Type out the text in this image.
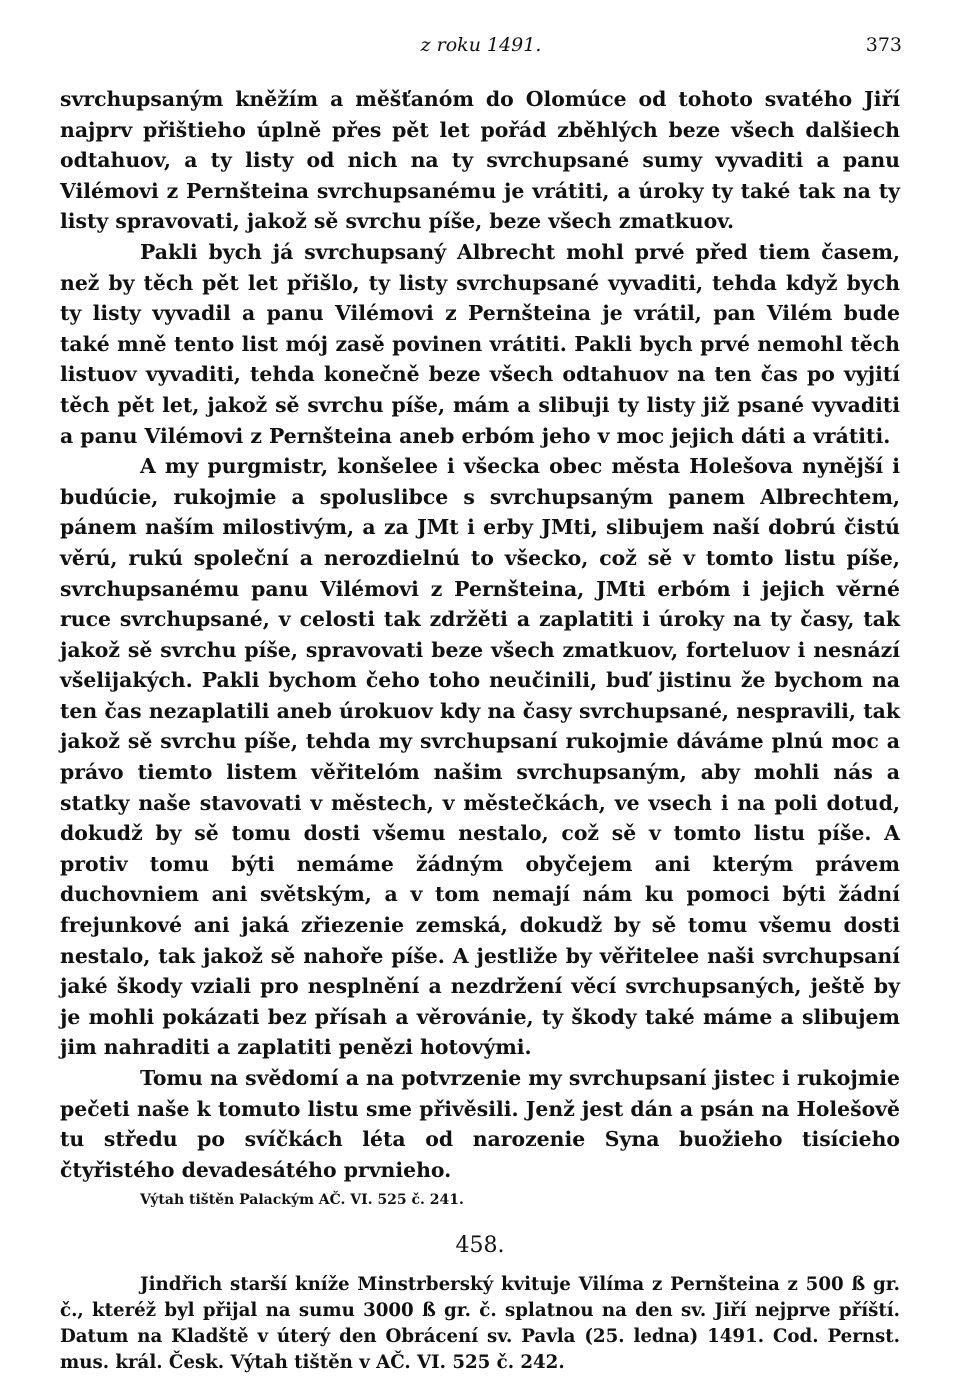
z roku 1491.	373

svrchupsaným kněžím a měšťanóm do Olomúce od tohoto svatého Jiří najprv přištieho úplně přes pět let pořád zběhlých beze všech dalšiech odtahuov, a ty listy od nich na ty svrchupsané sumy vyvaditi a panu Vilémovi z Pernšteina svrchupsanému je vrátiti, a úroky ty také tak na ty listy spravovati, jakož sě svrchu píše, beze všech zmatkuov.

Pakli bych já svrchupsaný Albrecht mohl prvé před tiem časem, než by těch pět let přišlo, ty listy svrchupsané vyvaditi, tehda když bych ty listy vyvadil a panu Vilémovi z Pernšteina je vrátil, pan Vilém bude také mně tento list mój zasě povinen vrátiti. Pakli bych prvé nemohl těch listuov vyvaditi, tehda konečně beze všech odtahuov na ten čas po vyjití těch pět let, jakož sě svrchu píše, mám a slibuji ty listy již psané vyvaditi a panu Vilémovi z Pernšteina aneb erbóm jeho v moc jejich dáti a vrátiti.

A my purgmistr, konšelee i všecka obec města Holešova nynější i budúcie, rukojmie a spoluslibce s svrchupsaným panem Albrechtem, pánem naším milostivým, a za JMt i erby JMti, slibujem naší dobrú čistú věrú, rukú společní a nerozdielnú to všecko, což sě v tomto listu píše, svrchupsanému panu Vilémovi z Pernšteina, JMti erbóm i jejich věrné ruce svrchupsané, v celosti tak zdržěti a zaplatiti i úroky na ty časy, tak jakož sě svrchu píše, spravovati beze všech zmatkuov, forteluov i nesnází všelijakých. Pakli bychom čeho toho neučinili, buď jistinu že bychom na ten čas nezaplatili aneb úrokuov kdy na časy svrchupsané, nespravili, tak jakož sě svrchu píše, tehda my svrchupsaní rukojmie dáváme plnú moc a právo tiemto listem věřitelóm našim svrchupsaným, aby mohli nás a statky naše stavovati v městech, v městečkách, ve vsech i na poli dotud, dokudž by sě tomu dosti všemu nestalo, což sě v tomto listu píše. A protiv tomu býti nemáme žádným obyčejem ani kterým právem duchovniem ani světským, a v tom nemají nám ku pomoci býti žádní frejunkové ani jaká zřiezenie zemská, dokudž by sě tomu všemu dosti nestalo, tak jakož sě nahoře píše. A jestliže by věřitelee naši svrchupsaní jaké škody vziali pro nesplnění a nezdržení věcí svrchupsaných, ještě by je mohli pokázati bez přísah a věrovánie, ty škody také máme a slibujem jim nahraditi a zaplatiti penězi hotovými.

Tomu na svědomí a na potvrzenie my svrchupsaní jistec i rukojmie pečeti naše k tomuto listu sme přivěsili. Jenž jest dán a psán na Holešově tu středu po svíčkách léta od narozenie Syna buožieho tisícieho čtyřistého devadesátého prvnieho.

Výtah tištěn Palackým AČ. VI. 525 č. 241.
458.

Jindřich starší kníže Minstrberský kvituje Vilíma z Pernšteina z 500 ß gr. č., kteréž byl přijal na sumu 3000 ß gr. č. splatnou na den sv. Jiří nejprve příští. Datum na Kladště v úterý den Obrácení sv. Pavla (25. ledna) 1491. Cod. Pernst. mus. král. Česk. Výtah tištěn v AČ. VI. 525 č. 242.
